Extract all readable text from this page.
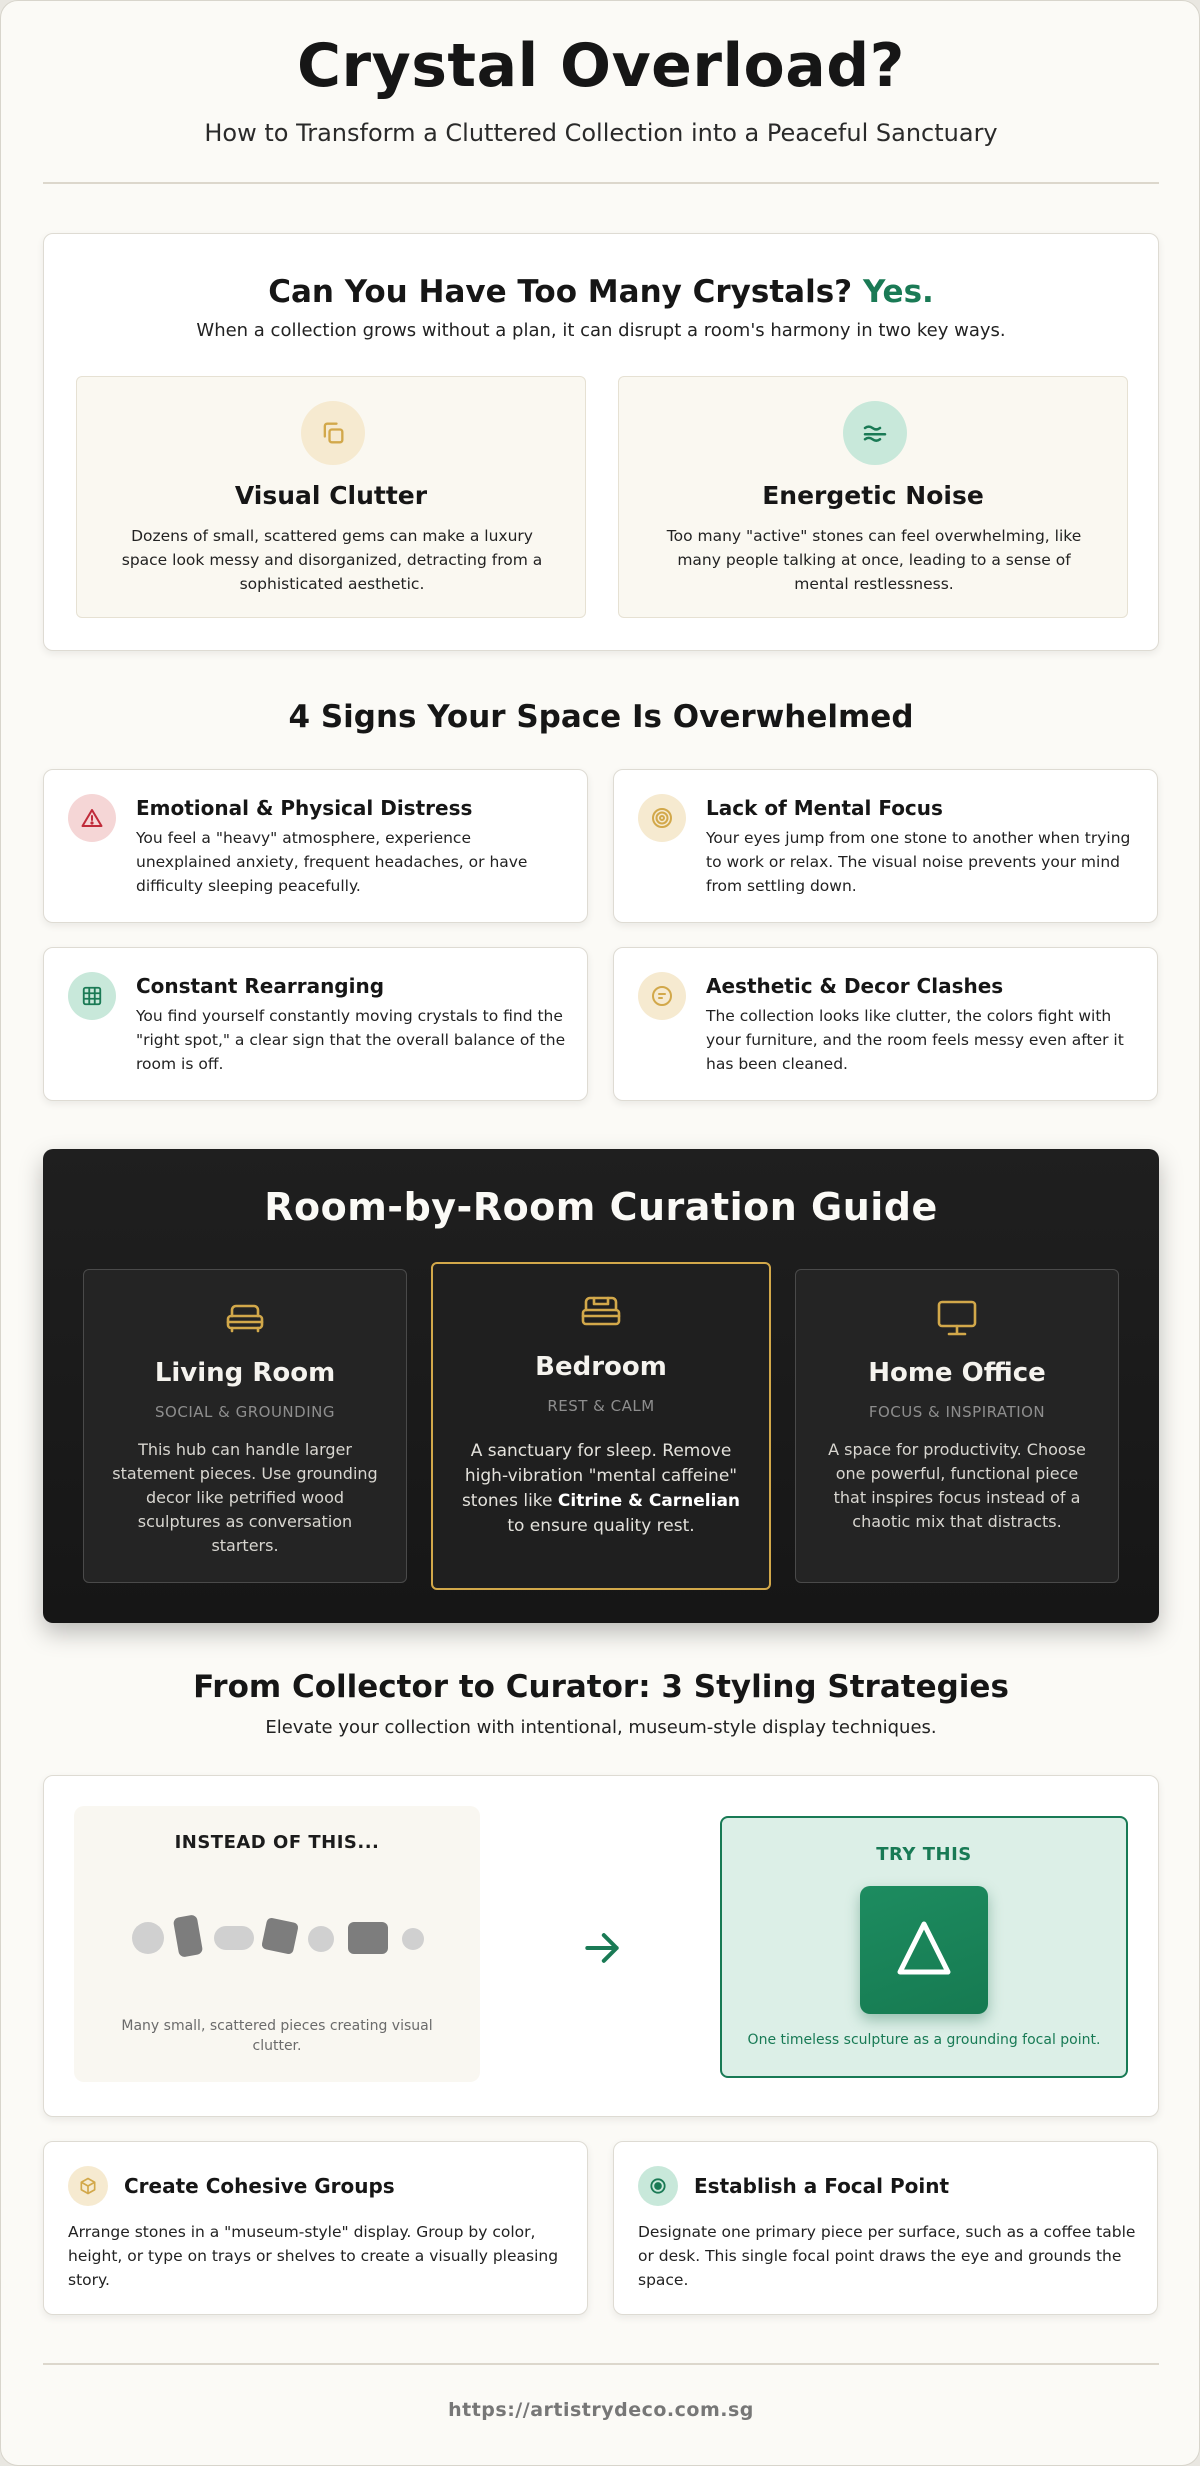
Crystal Overload?
How to Transform a Cluttered Collection into a Peaceful Sanctuary
Can You Have Too Many Crystals? Yes.

When a collection grows without a plan, it can disrupt a room's harmony in two key ways.

Visual Clutter

Dozens of small, scattered gems can make a luxury space look messy and disorganized, detracting from a sophisticated aesthetic.

Energetic Noise

Too many "active" stones can feel overwhelming, like many people talking at once, leading to a sense of mental restlessness.

4 Signs Your Space Is Overwhelmed
Emotional & Physical Distress

You feel a "heavy" atmosphere, experience unexplained anxiety, frequent headaches, or have difficulty sleeping peacefully.

Lack of Mental Focus

Your eyes jump from one stone to another when trying to work or relax. The visual noise prevents your mind from settling down.

Constant Rearranging

You find yourself constantly moving crystals to find the "right spot," a clear sign that the overall balance of the room is off.

Aesthetic & Decor Clashes

The collection looks like clutter, the colors fight with your furniture, and the room feels messy even after it has been cleaned.

Room-by-Room Curation Guide
Living Room
SOCIAL & GROUNDING

This hub can handle larger statement pieces. Use grounding decor like petrified wood sculptures as conversation starters.

Bedroom
REST & CALM

A sanctuary for sleep. Remove high-vibration "mental caffeine" stones like Citrine & Carnelian to ensure quality rest.

Home Office
FOCUS & INSPIRATION

A space for productivity. Choose one powerful, functional piece that inspires focus instead of a chaotic mix that distracts.

From Collector to Curator: 3 Styling Strategies

Elevate your collection with intentional, museum-style display techniques.

INSTEAD OF THIS...
Many small, scattered pieces creating visual clutter.
TRY THIS
One timeless sculpture as a grounding focal point.
Create Cohesive Groups

Arrange stones in a "museum-style" display. Group by color, height, or type on trays or shelves to create a visually pleasing story.

Establish a Focal Point

Designate one primary piece per surface, such as a coffee table or desk. This single focal point draws the eye and grounds the space.

https://artistrydeco.com.sg
